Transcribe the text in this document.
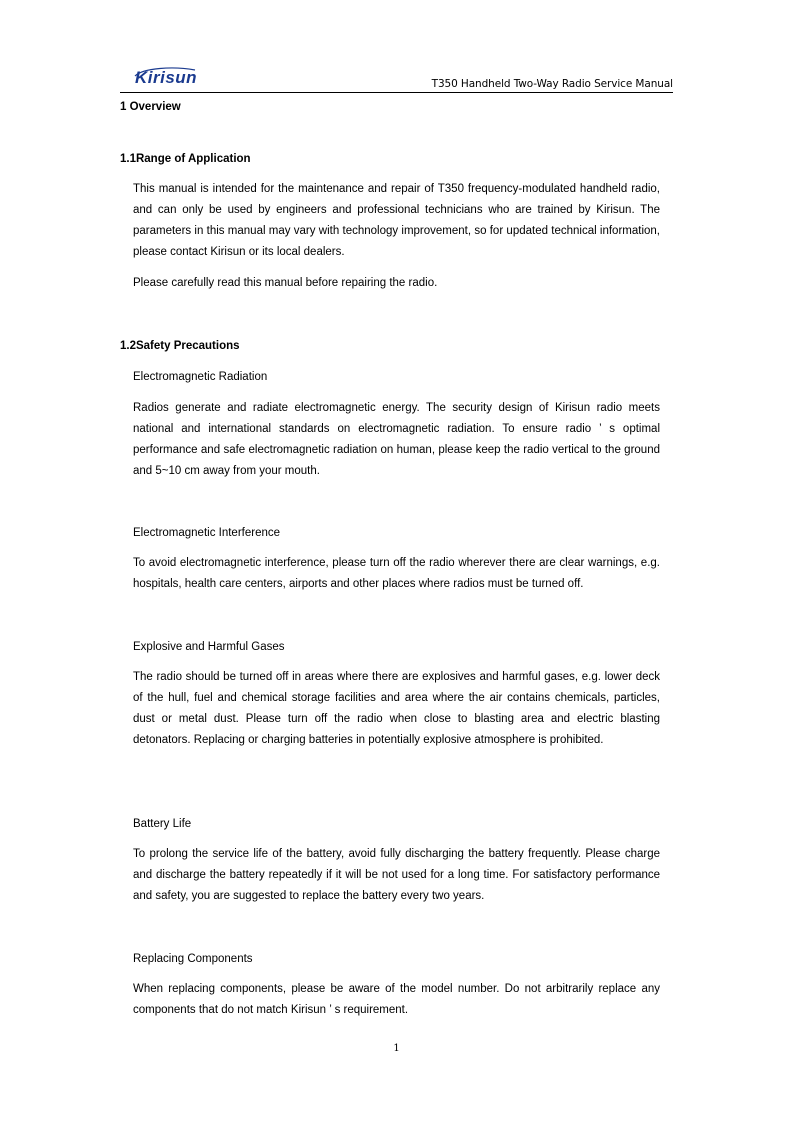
Kirisun	T350 Handheld Two-Way Radio Service Manual
1 Overview
1.1Range of Application

This manual is intended for the maintenance and repair of T350 frequency-modulated handheld radio, and can only be used by engineers and professional technicians who are trained by Kirisun. The parameters in this manual may vary with technology improvement, so for updated technical information, please contact Kirisun or its local dealers.

Please carefully read this manual before repairing the radio.

1.2Safety Precautions
Electromagnetic Radiation

Radios generate and radiate electromagnetic energy. The security design of Kirisun radio meets national and international standards on electromagnetic radiation. To ensure radio ’ s optimal performance and safe electromagnetic radiation on human, please keep the radio vertical to the ground and 5~10 cm away from your mouth.

Electromagnetic Interference

To avoid electromagnetic interference, please turn off the radio wherever there are clear warnings, e.g. hospitals, health care centers, airports and other places where radios must be turned off.

Explosive and Harmful Gases

The radio should be turned off in areas where there are explosives and harmful gases, e.g. lower deck of the hull, fuel and chemical storage facilities and area where the air contains chemicals, particles, dust or metal dust. Please turn off the radio when close to blasting area and electric blasting detonators. Replacing or charging batteries in potentially explosive atmosphere is prohibited.

Battery Life

To prolong the service life of the battery, avoid fully discharging the battery frequently. Please charge and discharge the battery repeatedly if it will be not used for a long time. For satisfactory performance and safety, you are suggested to replace the battery every two years.

Replacing Components

When replacing components, please be aware of the model number. Do not arbitrarily replace any components that do not match Kirisun ’ s requirement.

1
